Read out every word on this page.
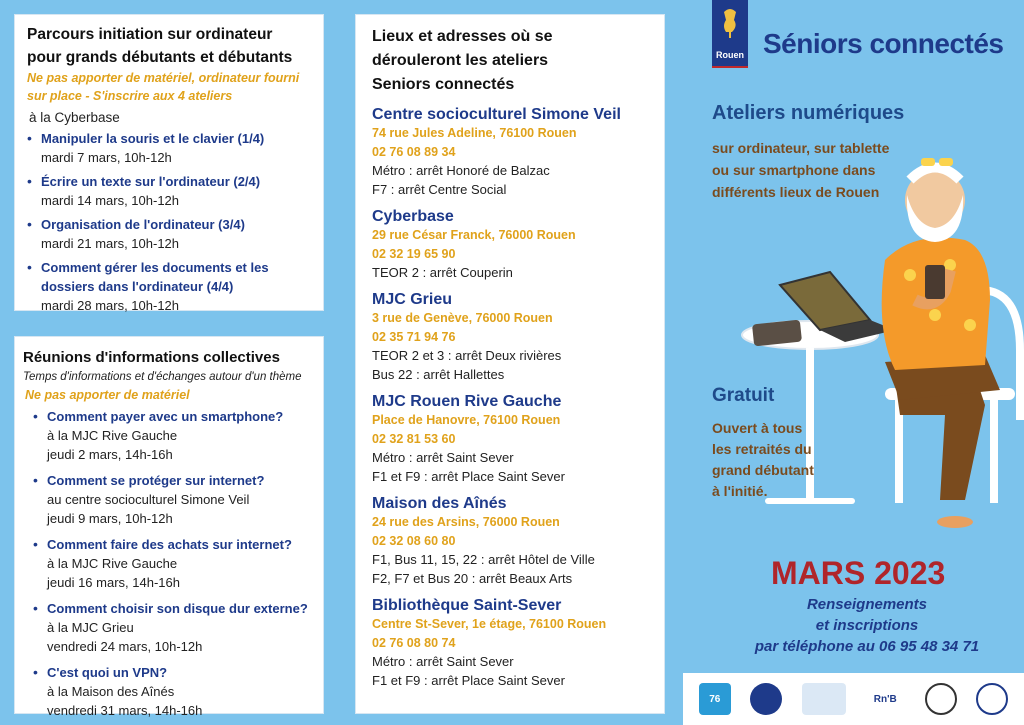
Parcours initiation sur ordinateur pour grands débutants et débutants
Ne pas apporter de matériel, ordinateur fourni sur place - S'inscrire aux 4 ateliers
à la Cyberbase
• Manipuler la souris et le clavier (1/4)
mardi 7 mars, 10h-12h
• Écrire un texte sur l'ordinateur (2/4)
mardi 14 mars, 10h-12h
• Organisation de l'ordinateur (3/4)
mardi 21 mars, 10h-12h
• Comment gérer les documents et les dossiers dans l'ordinateur (4/4)
mardi 28 mars, 10h-12h
Réunions d'informations collectives
Temps d'informations et d'échanges autour d'un thème
Ne pas apporter de matériel
• Comment payer avec un smartphone?
à la MJC Rive Gauche
jeudi 2 mars, 14h-16h
• Comment se protéger sur internet?
au centre socioculturel Simone Veil
jeudi 9 mars, 10h-12h
• Comment faire des achats sur internet?
à la MJC Rive Gauche
jeudi 16 mars, 14h-16h
• Comment choisir son disque dur externe?
à la MJC Grieu
vendredi 24 mars, 10h-12h
• C'est quoi un VPN?
à la Maison des Aînés
vendredi 31 mars, 14h-16h
Lieux et adresses où se dérouleront les ateliers Seniors connectés
Centre socioculturel Simone Veil
74 rue Jules Adeline, 76100 Rouen
02 76 08 89 34
Métro : arrêt Honoré de Balzac
F7 : arrêt Centre Social
Cyberbase
29 rue César Franck, 76000 Rouen
02 32 19 65 90
TEOR 2 : arrêt Couperin
MJC Grieu
3 rue de Genève, 76000 Rouen
02 35 71 94 76
TEOR 2 et 3 : arrêt Deux rivières
Bus 22 : arrêt Hallettes
MJC Rouen Rive Gauche
Place de Hanovre, 76100 Rouen
02 32 81 53 60
Métro : arrêt Saint Sever
F1 et F9 : arrêt Place Saint Sever
Maison des Aînés
24 rue des Arsins, 76000 Rouen
02 32 08 60 80
F1, Bus 11, 15, 22 : arrêt Hôtel de Ville
F2, F7 et Bus 20 : arrêt Beaux Arts
Bibliothèque Saint-Sever
Centre St-Sever, 1e étage, 76100 Rouen
02 76 08 80 74
Métro : arrêt Saint Sever
F1 et F9 : arrêt Place Saint Sever
Rouen Séniors connectés
Ateliers numériques
sur ordinateur, sur tablette ou sur smartphone dans différents lieux de Rouen
Gratuit
Ouvert à tous les retraités du grand débutant à l'initié.
MARS 2023
Renseignements
et inscriptions
par téléphone au 06 95 48 34 71
76	Rn'B
